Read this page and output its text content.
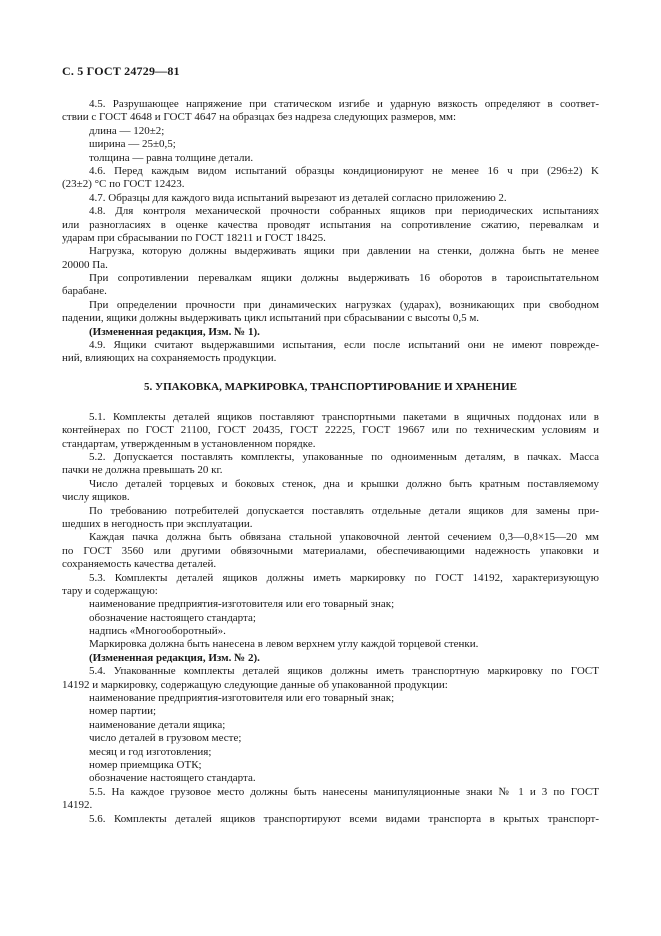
С. 5 ГОСТ 24729—81
4.5. Разрушающее напряжение при статическом изгибе и ударную вязкость определяют в соответ-
ствии с ГОСТ 4648 и ГОСТ 4647 на образцах без надреза следующих размеров, мм:
длина — 120±2;
ширина — 25±0,5;
толщина — равна толщине детали.
4.6. Перед каждым видом испытаний образцы кондиционируют не менее 16 ч при (296±2) K
(23±2) °С по ГОСТ 12423.
4.7. Образцы для каждого вида испытаний вырезают из деталей согласно приложению 2.
4.8. Для контроля механической прочности собранных ящиков при периодических испытаниях
или разногласиях в оценке качества проводят испытания на сопротивление сжатию, перевалкам и
ударам при сбрасывании по ГОСТ 18211 и ГОСТ 18425.
Нагрузка, которую должны выдерживать ящики при давлении на стенки, должна быть не менее
20000 Па.
При сопротивлении перевалкам ящики должны выдерживать 16 оборотов в тароиспытательном
барабане.
При определении прочности при динамических нагрузках (ударах), возникающих при свободном
падении, ящики должны выдерживать цикл испытаний при сбрасывании с высоты 0,5 м.
(Измененная редакция, Изм. № 1).
4.9. Ящики считают выдержавшими испытания, если после испытаний они не имеют поврежде-
ний, влияющих на сохраняемость продукции.
5. УПАКОВКА, МАРКИРОВКА, ТРАНСПОРТИРОВАНИЕ И ХРАНЕНИЕ
5.1. Комплекты деталей ящиков поставляют транспортными пакетами в ящичных поддонах или в
контейнерах по ГОСТ 21100, ГОСТ 20435, ГОСТ 22225, ГОСТ 19667 или по техническим условиям и
стандартам, утвержденным в установленном порядке.
5.2. Допускается поставлять комплекты, упакованные по одноименным деталям, в пачках. Масса
пачки не должна превышать 20 кг.
Число деталей торцевых и боковых стенок, дна и крышки должно быть кратным поставляемому
числу ящиков.
По требованию потребителей допускается поставлять отдельные детали ящиков для замены при-
шедших в негодность при эксплуатации.
Каждая пачка должна быть обвязана стальной упаковочной лентой сечением 0,3—0,8×15—20 мм
по ГОСТ 3560 или другими обвязочными материалами, обеспечивающими надежность упаковки и
сохраняемость качества деталей.
5.3. Комплекты деталей ящиков должны иметь маркировку по ГОСТ 14192, характеризующую
тару и содержащую:
наименование предприятия-изготовителя или его товарный знак;
обозначение настоящего стандарта;
надпись «Многооборотный».
Маркировка должна быть нанесена в левом верхнем углу каждой торцевой стенки.
(Измененная редакция, Изм. № 2).
5.4. Упакованные комплекты деталей ящиков должны иметь транспортную маркировку по ГОСТ
14192 и маркировку, содержащую следующие данные об упакованной продукции:
наименование предприятия-изготовителя или его товарный знак;
номер партии;
наименование детали ящика;
число деталей в грузовом месте;
месяц и год изготовления;
номер приемщика ОТК;
обозначение настоящего стандарта.
5.5. На каждое грузовое место должны быть нанесены манипуляционные знаки № 1 и 3 по ГОСТ
14192.
5.6. Комплекты деталей ящиков транспортируют всеми видами транспорта в крытых транспорт-
